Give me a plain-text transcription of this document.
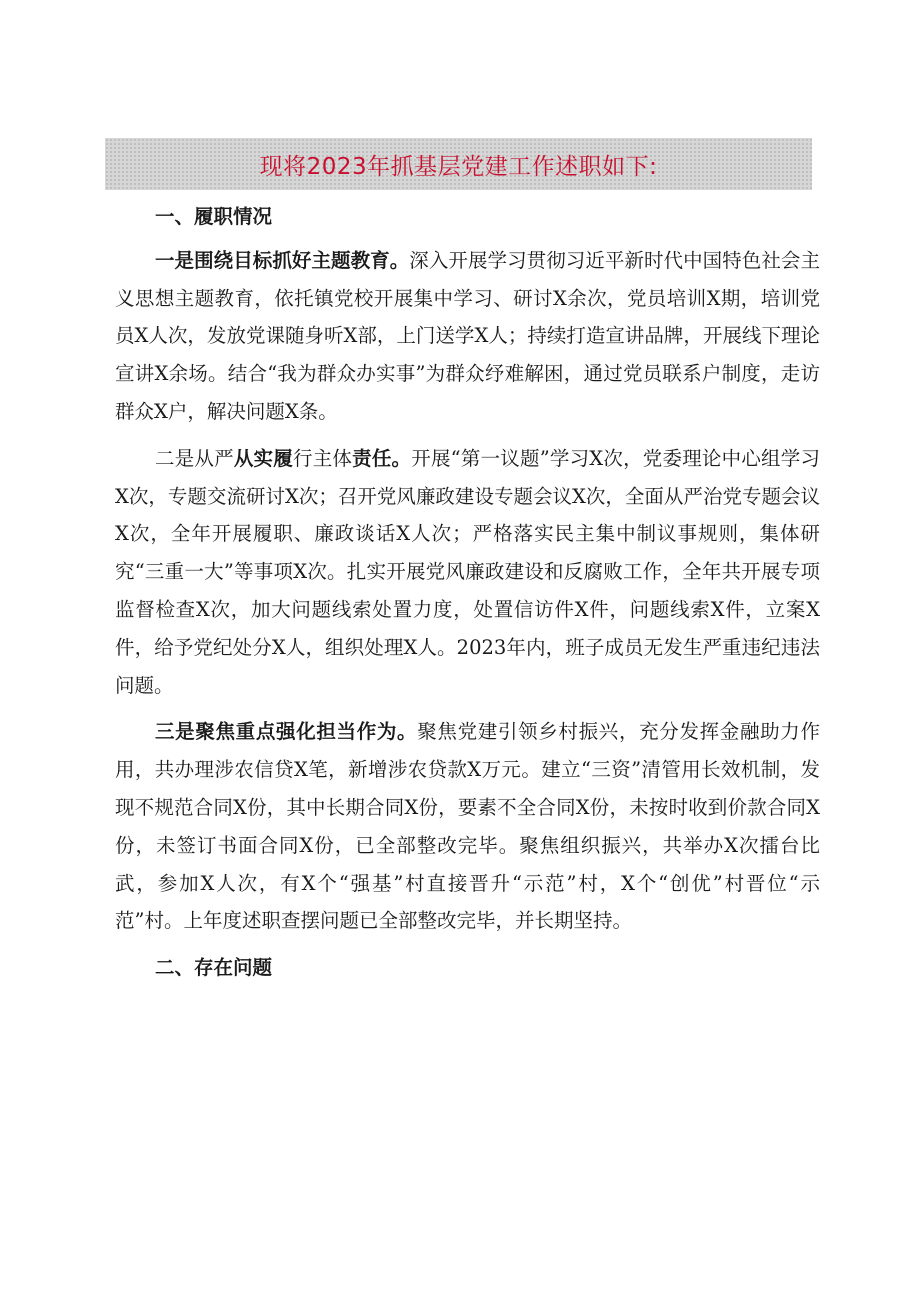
现将2023年抓基层党建工作述职如下:

一、履职情况

一是围绕目标抓好主题教育。深入开展学习贯彻习近平新时代中国特色社会主义思想主题教育，依托镇党校开展集中学习、研讨X余次，党员培训X期，培训党员X人次，发放党课随身听X部，上门送学X人；持续打造宣讲品牌，开展线下理论宣讲X余场。结合“我为群众办实事”为群众纾难解困，通过党员联系户制度，走访群众X户，解决问题X条。

二是从严从实履行主体责任。开展“第一议题”学习X次，党委理论中心组学习X次，专题交流研讨X次；召开党风廉政建设专题会议X次，全面从严治党专题会议X次，全年开展履职、廉政谈话X人次；严格落实民主集中制议事规则，集体研究“三重一大”等事项X次。扎实开展党风廉政建设和反腐败工作，全年共开展专项监督检查X次，加大问题线索处置力度，处置信访件X件，问题线索X件，立案X件，给予党纪处分X人，组织处理X人。2023年内，班子成员无发生严重违纪违法问题。

三是聚焦重点强化担当作为。聚焦党建引领乡村振兴，充分发挥金融助力作用，共办理涉农信贷X笔，新增涉农贷款X万元。建立“三资”清管用长效机制，发现不规范合同X份，其中长期合同X份，要素不全合同X份，未按时收到价款合同X份，未签订书面合同X份，已全部整改完毕。聚焦组织振兴，共举办X次擂台比武，参加X人次，有X个“强基”村直接晋升“示范”村，X个“创优”村晋位“示范”村。上年度述职查摆问题已全部整改完毕，并长期坚持。

二、存在问题
